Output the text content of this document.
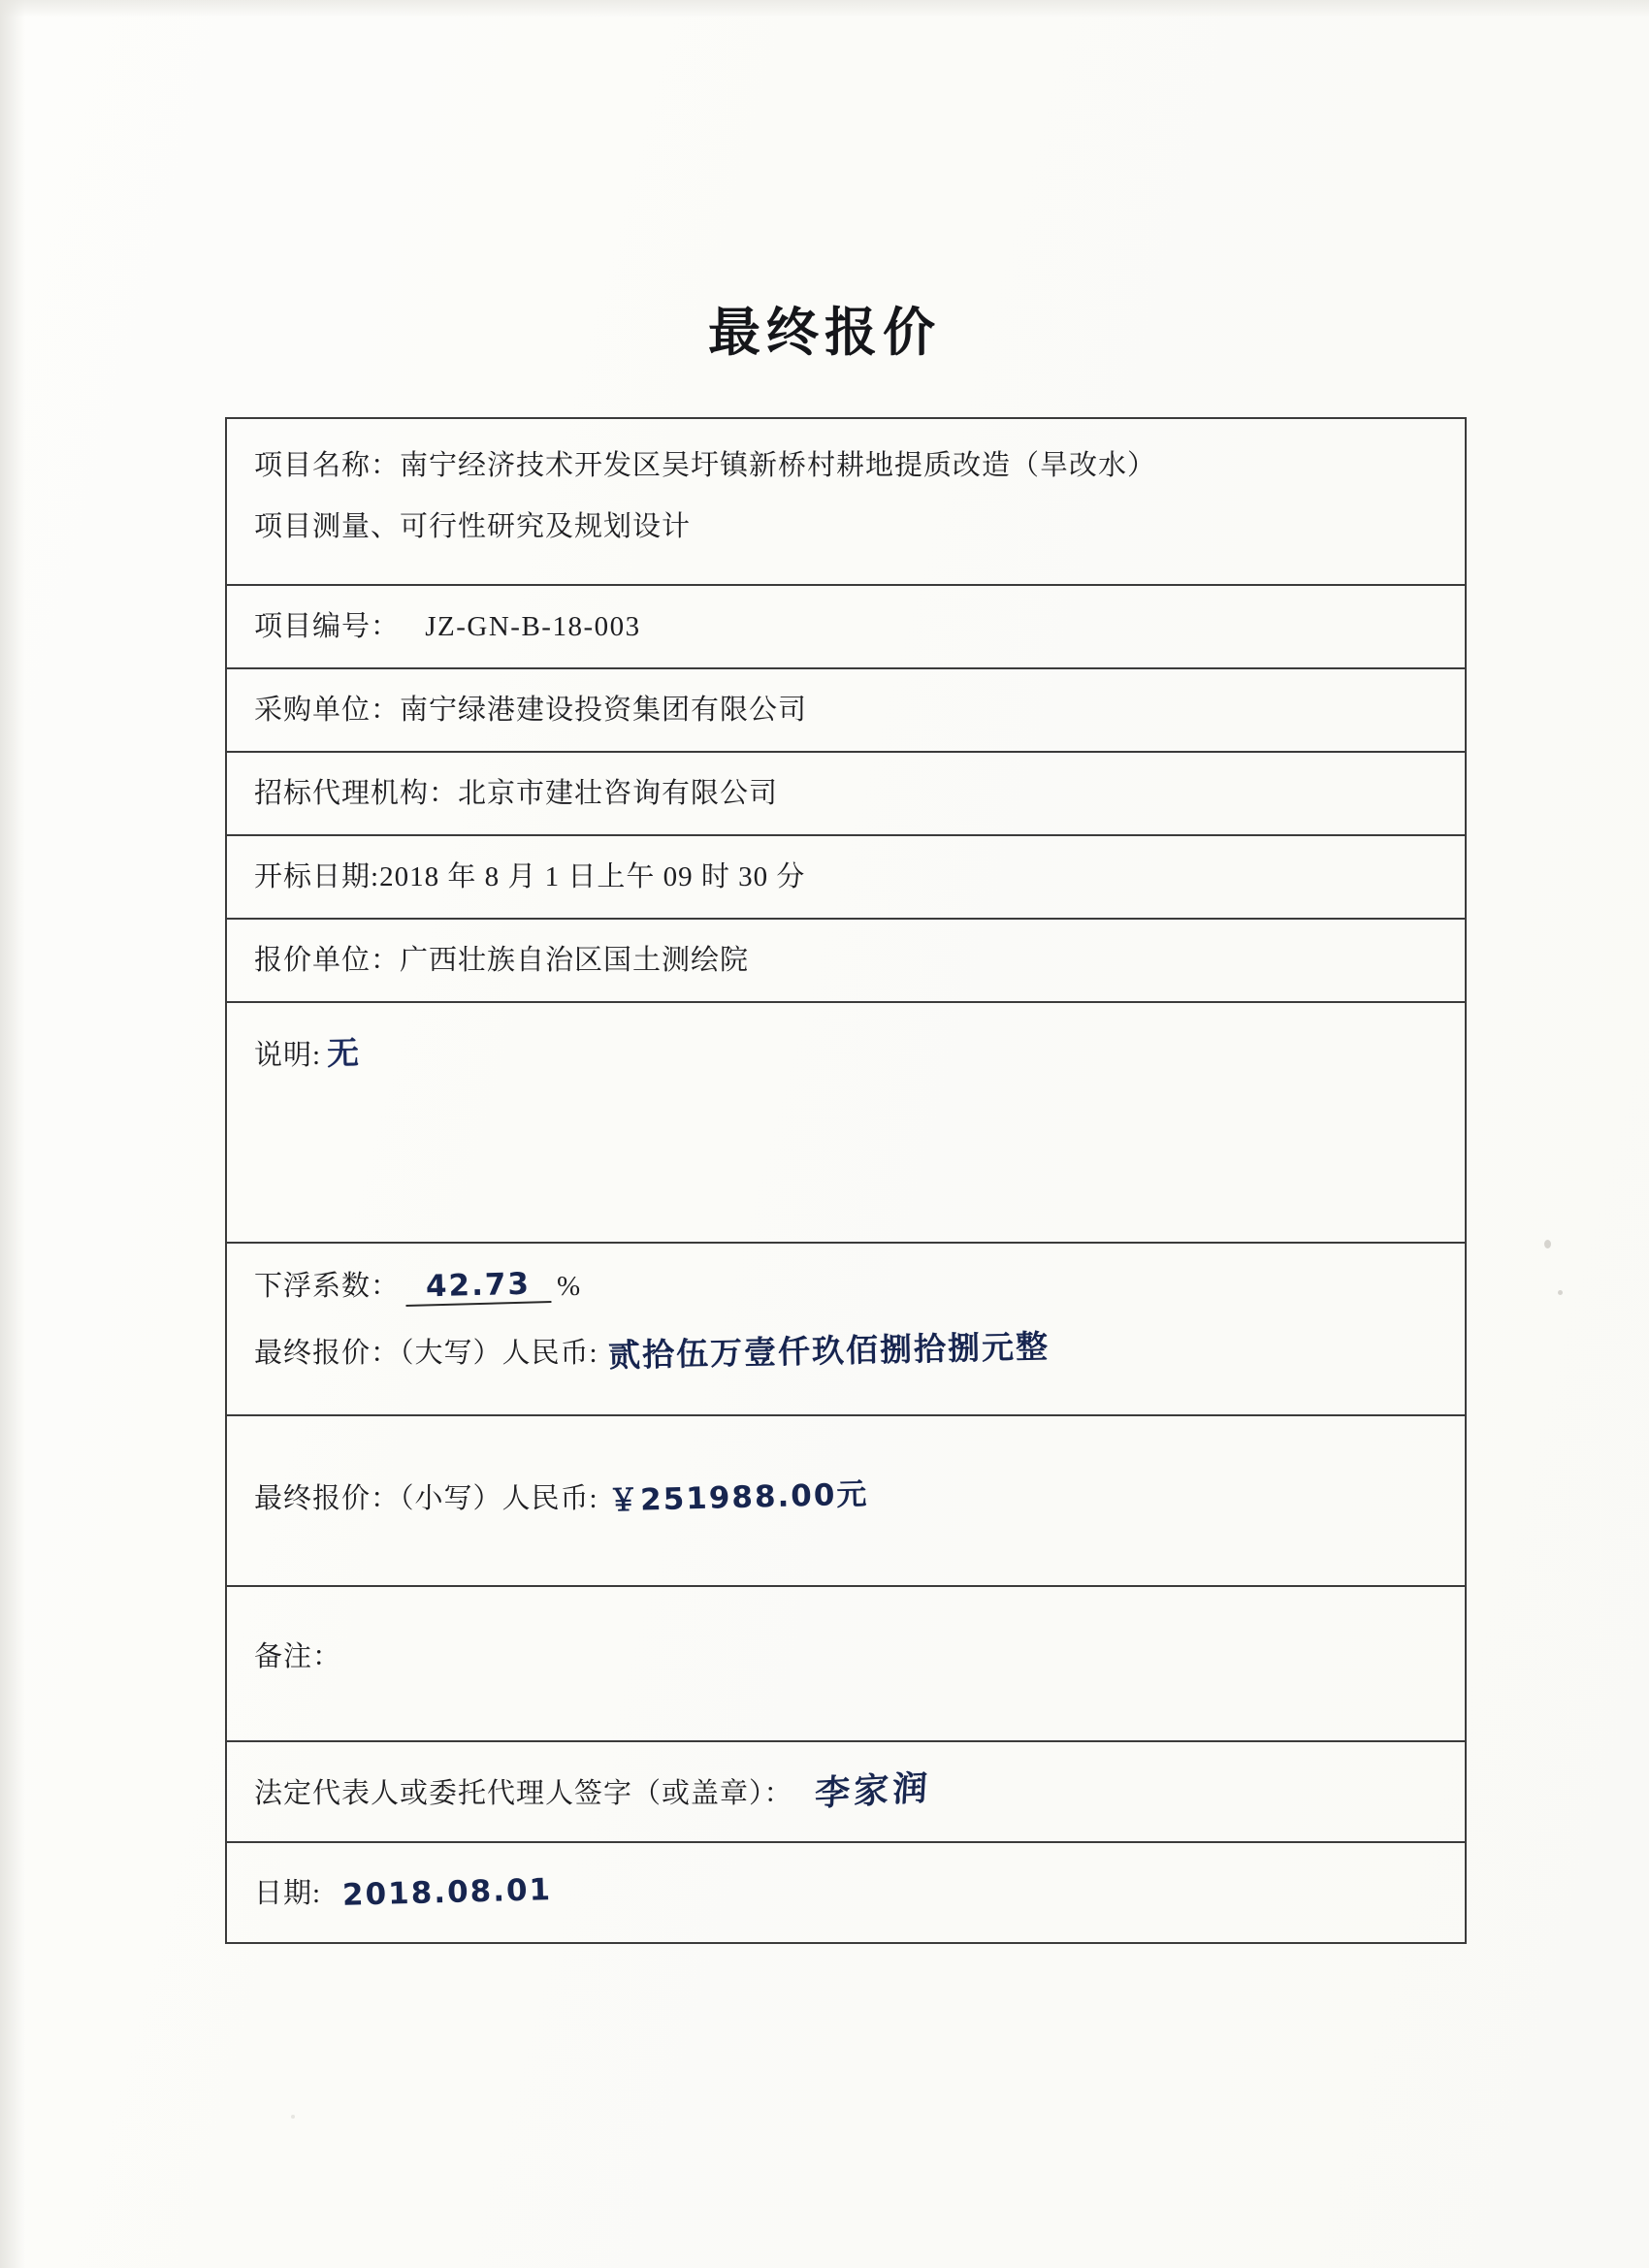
最终报价
项目名称：南宁经济技术开发区吴圩镇新桥村耕地提质改造（旱改水）
项目测量、可行性研究及规划设计
项目编号： JZ-GN-B-18-003
采购单位：南宁绿港建设投资集团有限公司
招标代理机构：北京市建壮咨询有限公司
开标日期:2018 年 8 月 1 日上午 09 时 30 分
报价单位：广西壮族自治区国土测绘院
说明: 无
下浮系数： 42.73 %
最终报价：（大写）人民币: 贰拾伍万壹仟玖佰捌拾捌元整
最终报价：（小写）人民币: ￥251988.00元
备注：
法定代表人或委托代理人签字（或盖章）： 李家润
日期: 2018.08.01
